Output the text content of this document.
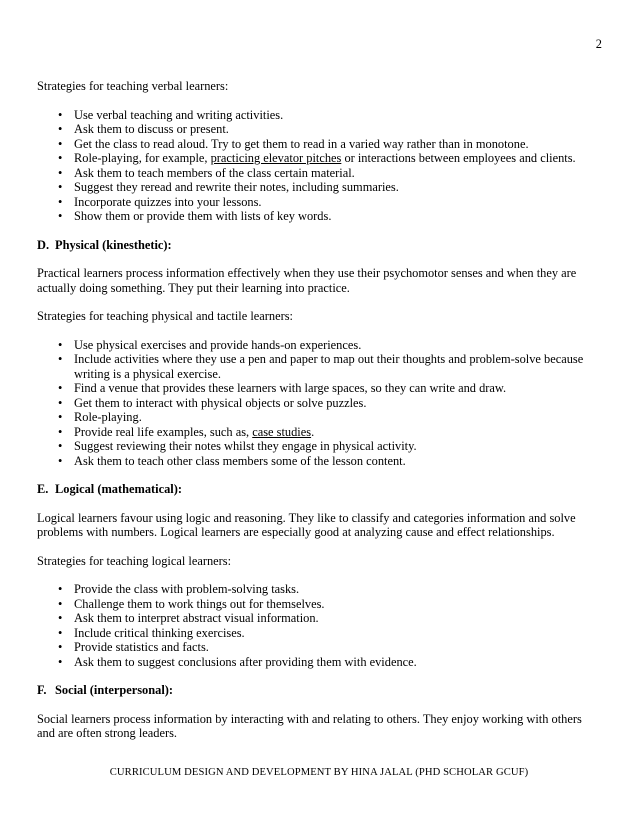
2

Strategies for teaching verbal learners:

• Use verbal teaching and writing activities.
• Ask them to discuss or present.
• Get the class to read aloud. Try to get them to read in a varied way rather than in monotone.
• Role-playing, for example, practicing elevator pitches or interactions between employees and clients.
• Ask them to teach members of the class certain material.
• Suggest they reread and rewrite their notes, including summaries.
• Incorporate quizzes into your lessons.
• Show them or provide them with lists of key words.

D. Physical (kinesthetic):

Practical learners process information effectively when they use their psychomotor senses and when they are actually doing something. They put their learning into practice.

Strategies for teaching physical and tactile learners:

• Use physical exercises and provide hands-on experiences.
• Include activities where they use a pen and paper to map out their thoughts and problem-solve because writing is a physical exercise.
• Find a venue that provides these learners with large spaces, so they can write and draw.
• Get them to interact with physical objects or solve puzzles.
• Role-playing.
• Provide real life examples, such as, case studies.
• Suggest reviewing their notes whilst they engage in physical activity.
• Ask them to teach other class members some of the lesson content.

E. Logical (mathematical):

Logical learners favour using logic and reasoning. They like to classify and categories information and solve problems with numbers. Logical learners are especially good at analyzing cause and effect relationships.

Strategies for teaching logical learners:

• Provide the class with problem-solving tasks.
• Challenge them to work things out for themselves.
• Ask them to interpret abstract visual information.
• Include critical thinking exercises.
• Provide statistics and facts.
• Ask them to suggest conclusions after providing them with evidence.

F. Social (interpersonal):

Social learners process information by interacting with and relating to others. They enjoy working with others and are often strong leaders.

CURRICULUM DESIGN AND DEVELOPMENT BY HINA JALAL (PHD SCHOLAR GCUF)
